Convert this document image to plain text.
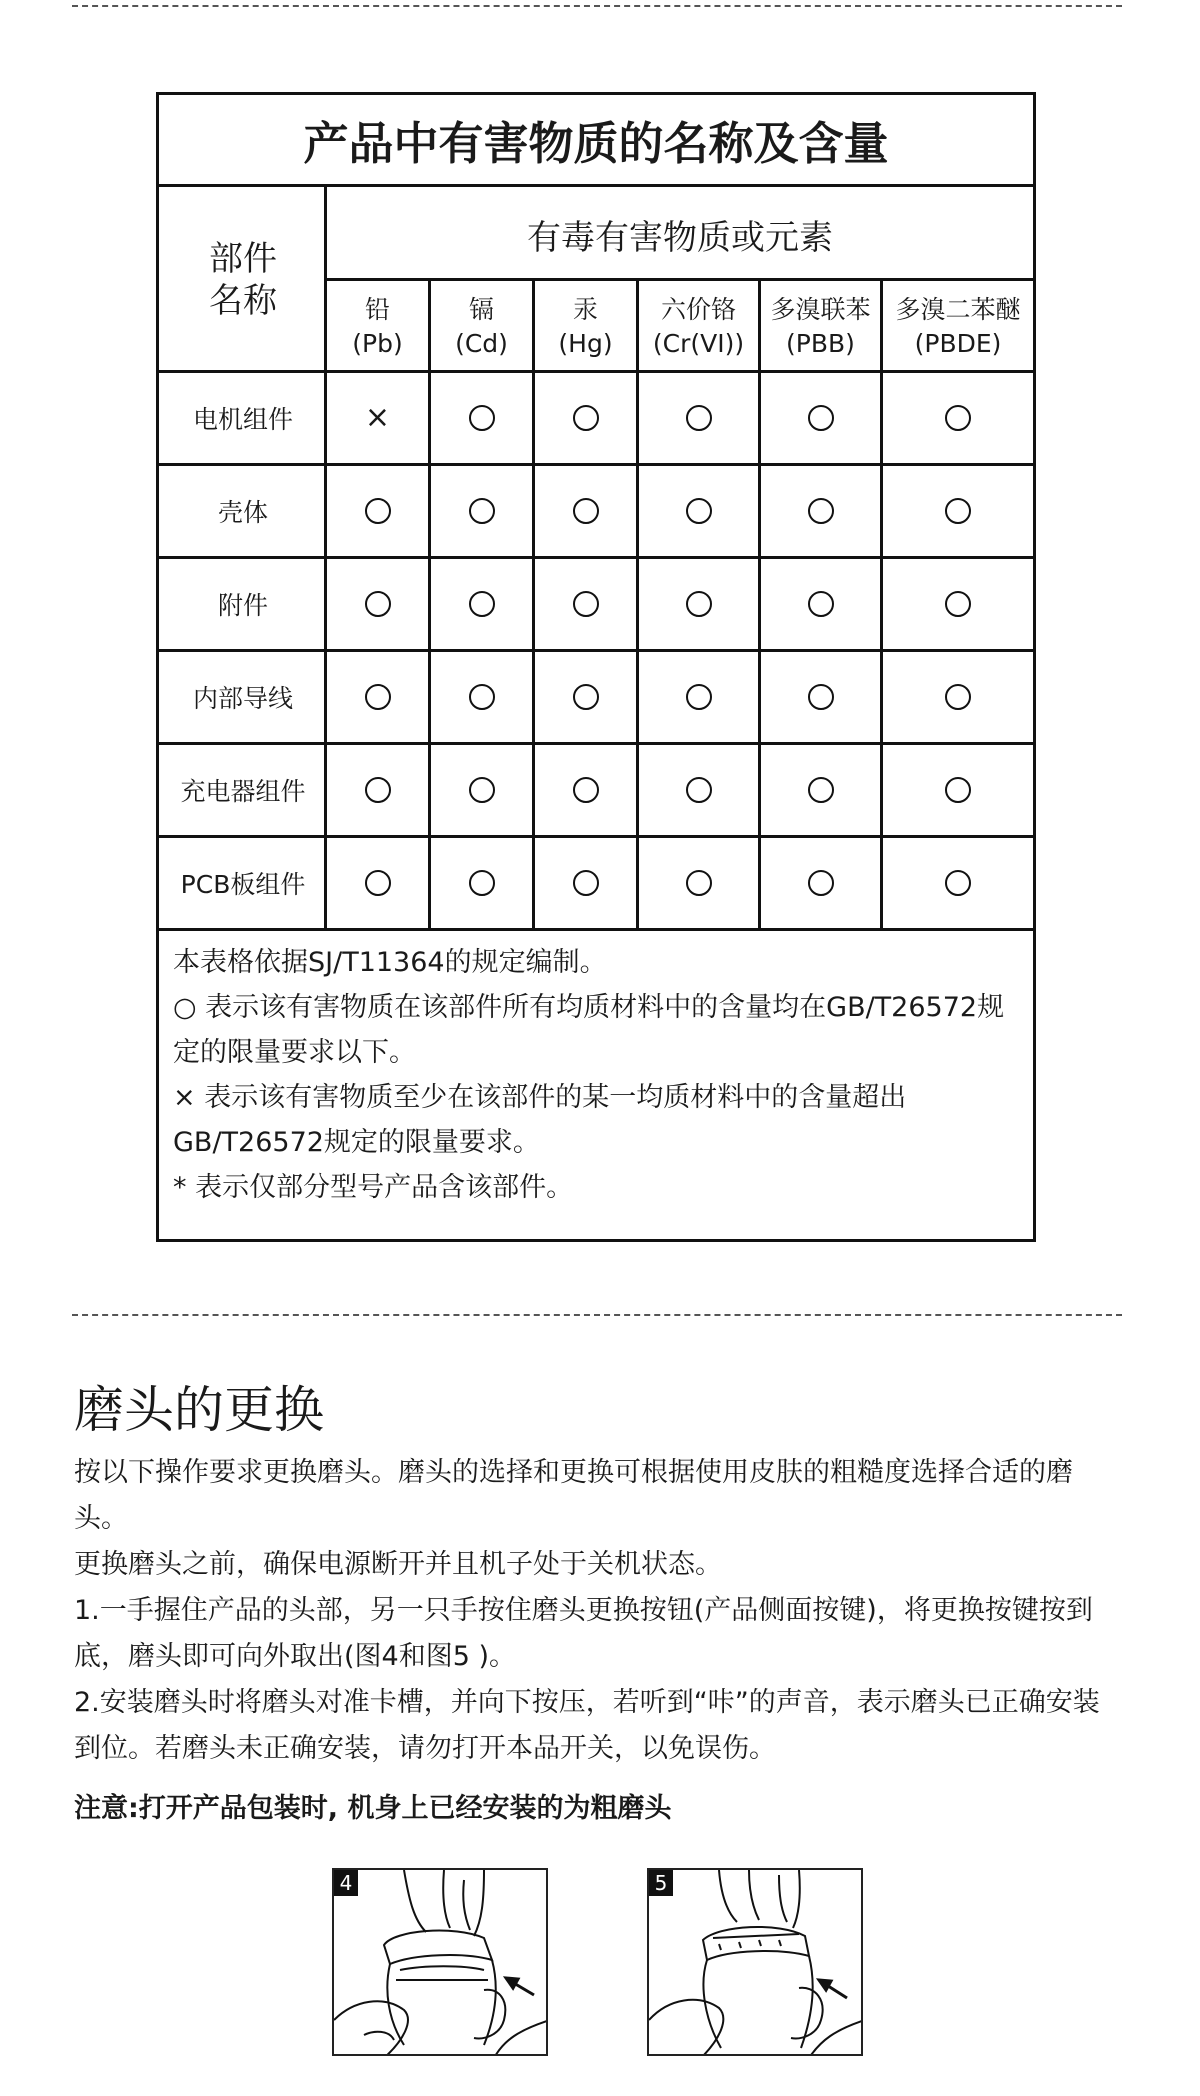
产品中有害物质的名称及含量
部件
名称
有毒有害物质或元素
铅
(Pb)
镉
(Cd)
汞
(Hg)
六价铬
(Cr(VI))
多溴联苯
(PBB)
多溴二苯醚
(PBDE)
电机组件	×
壳体
附件
内部导线
充电器组件
PCB板组件

本表格依据SJ/T11364的规定编制。

○ 表示该有害物质在该部件所有均质材料中的含量均在GB/T26572规定的限量要求以下。

× 表示该有害物质至少在该部件的某一均质材料中的含量超出GB/T26572规定的限量要求。

* 表示仅部分型号产品含该部件。

磨头的更换

按以下操作要求更换磨头。磨头的选择和更换可根据使用皮肤的粗糙度选择合适的磨头。

更换磨头之前，确保电源断开并且机子处于关机状态。

1.一手握住产品的头部，另一只手按住磨头更换按钮(产品侧面按键)，将更换按键按到底，磨头即可向外取出(图4和图5 )。

2.安装磨头时将磨头对准卡槽，并向下按压，若听到“咔”的声音，表示磨头已正确安装到位。若磨头未正确安装，请勿打开本品开关，以免误伤。

注意:打开产品包装时, 机身上已经安装的为粗磨头

4	5
